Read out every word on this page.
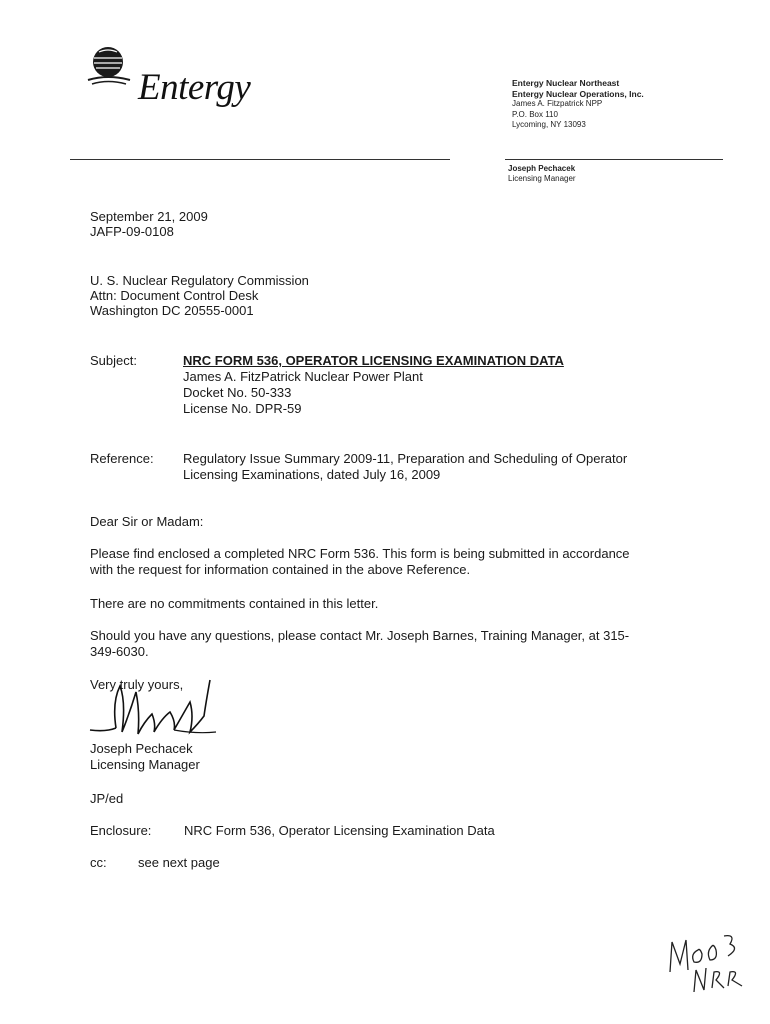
Entergy	Entergy Nuclear Northeast
Entergy Nuclear Operations, Inc.
James A. Fitzpatrick NPP
P.O. Box 110
Lycoming, NY 13093
Joseph Pechacek
Licensing Manager
September 21, 2009
JAFP-09-0108
U. S. Nuclear Regulatory Commission
Attn: Document Control Desk
Washington DC 20555-0001
Subject:	NRC FORM 536, OPERATOR LICENSING EXAMINATION DATA
James A. FitzPatrick Nuclear Power Plant
Docket No. 50-333
License No. DPR-59
Reference: Regulatory Issue Summary 2009-11, Preparation and Scheduling of Operator
Licensing Examinations, dated July 16, 2009
Dear Sir or Madam:
Please find enclosed a completed NRC Form 536. This form is being submitted in accordance
with the request for information contained in the above Reference.
There are no commitments contained in this letter.
Should you have any questions, please contact Mr. Joseph Barnes, Training Manager, at 315-
349-6030.
Very truly yours,
Joseph Pechacek
Licensing Manager
JP/ed
Enclosure:	NRC Form 536, Operator Licensing Examination Data
cc: see next page
